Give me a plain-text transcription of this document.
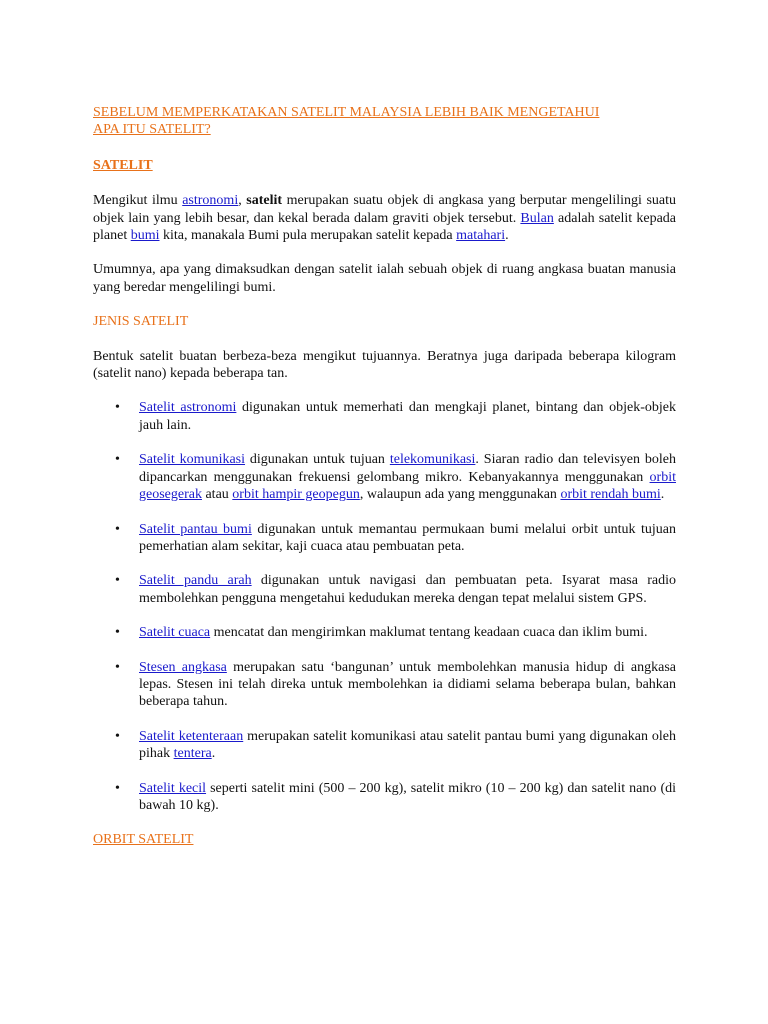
SEBELUM MEMPERKATAKAN SATELIT MALAYSIA LEBIH BAIK MENGETAHUI
APA ITU SATELIT?
SATELIT

Mengikut ilmu astronomi, satelit merupakan suatu objek di angkasa yang berputar mengelilingi suatu objek lain yang lebih besar, dan kekal berada dalam graviti objek tersebut. Bulan adalah satelit kepada planet bumi kita, manakala Bumi pula merupakan satelit kepada matahari.

Umumnya, apa yang dimaksudkan dengan satelit ialah sebuah objek di ruang angkasa buatan manusia yang beredar mengelilingi bumi.

JENIS SATELIT

Bentuk satelit buatan berbeza-beza mengikut tujuannya. Beratnya juga daripada beberapa kilogram (satelit nano) kepada beberapa tan.

• Satelit astronomi digunakan untuk memerhati dan mengkaji planet, bintang dan objek-objek jauh lain.
• Satelit komunikasi digunakan untuk tujuan telekomunikasi. Siaran radio dan televisyen boleh dipancarkan menggunakan frekuensi gelombang mikro. Kebanyakannya menggunakan orbit geosegerak atau orbit hampir geopegun, walaupun ada yang menggunakan orbit rendah bumi.
• Satelit pantau bumi digunakan untuk memantau permukaan bumi melalui orbit untuk tujuan pemerhatian alam sekitar, kaji cuaca atau pembuatan peta.
• Satelit pandu arah digunakan untuk navigasi dan pembuatan peta. Isyarat masa radio membolehkan pengguna mengetahui kedudukan mereka dengan tepat melalui sistem GPS.
• Satelit cuaca mencatat dan mengirimkan maklumat tentang keadaan cuaca dan iklim bumi.
• Stesen angkasa merupakan satu ‘bangunan’ untuk membolehkan manusia hidup di angkasa lepas. Stesen ini telah direka untuk membolehkan ia didiami selama beberapa bulan, bahkan beberapa tahun.
• Satelit ketenteraan merupakan satelit komunikasi atau satelit pantau bumi yang digunakan oleh pihak tentera.
• Satelit kecil seperti satelit mini (500 – 200 kg), satelit mikro (10 – 200 kg) dan satelit nano (di bawah 10 kg).
ORBIT SATELIT
